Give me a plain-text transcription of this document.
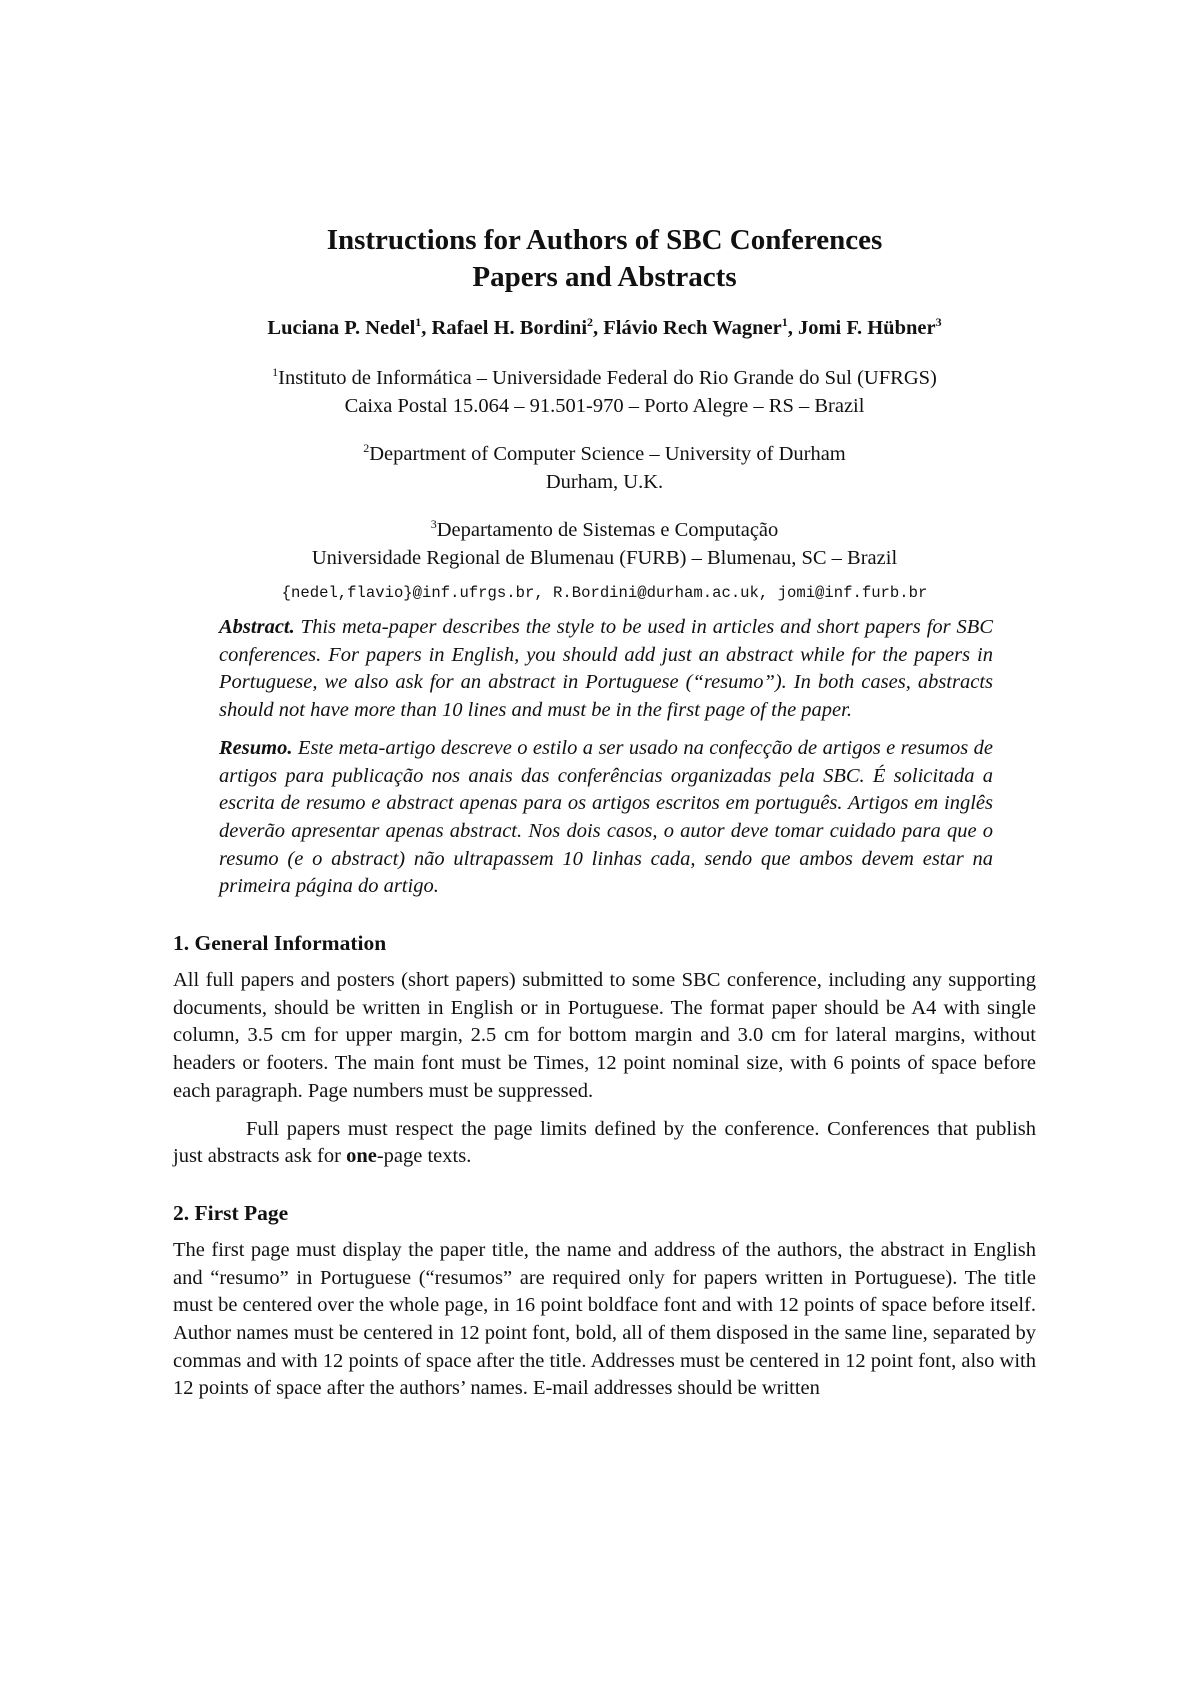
Instructions for Authors of SBC Conferences
Papers and Abstracts
Luciana P. Nedel$^1$, Rafael H. Bordini$^2$, Flávio Rech Wagner$^1$, Jomi F. Hübner$^3$

$^1$Instituto de Informática – Universidade Federal do Rio Grande do Sul (UFRGS)
Caixa Postal 15.064 – 91.501-970 – Porto Alegre – RS – Brazil

$^2$Department of Computer Science – University of Durham
Durham, U.K.

$^3$Departamento de Sistemas e Computação
Universidade Regional de Blumenau (FURB) – Blumenau, SC – Brazil

{nedel,flavio}@inf.ufrgs.br, R.Bordini@durham.ac.uk, jomi@inf.furb.br

Abstract. This meta-paper describes the style to be used in articles and short papers for SBC conferences. For papers in English, you should add just an abstract while for the papers in Portuguese, we also ask for an abstract in Portuguese (“resumo”). In both cases, abstracts should not have more than 10 lines and must be in the first page of the paper.

Resumo. Este meta-artigo descreve o estilo a ser usado na confecção de artigos e resumos de artigos para publicação nos anais das conferências organizadas pela SBC. É solicitada a escrita de resumo e abstract apenas para os artigos escritos em português. Artigos em inglês deverão apresentar apenas abstract. Nos dois casos, o autor deve tomar cuidado para que o resumo (e o abstract) não ultrapassem 10 linhas cada, sendo que ambos devem estar na primeira página do artigo.

1. General Information

All full papers and posters (short papers) submitted to some SBC conference, including any supporting documents, should be written in English or in Portuguese. The format paper should be A4 with single column, 3.5 cm for upper margin, 2.5 cm for bottom margin and 3.0 cm for lateral margins, without headers or footers. The main font must be Times, 12 point nominal size, with 6 points of space before each paragraph. Page numbers must be suppressed.

Full papers must respect the page limits defined by the conference. Conferences that publish just abstracts ask for one-page texts.

2. First Page

The first page must display the paper title, the name and address of the authors, the abstract in English and “resumo” in Portuguese (“resumos” are required only for papers written in Portuguese). The title must be centered over the whole page, in 16 point boldface font and with 12 points of space before itself. Author names must be centered in 12 point font, bold, all of them disposed in the same line, separated by commas and with 12 points of space after the title. Addresses must be centered in 12 point font, also with 12 points of space after the authors’ names. E-mail addresses should be written
